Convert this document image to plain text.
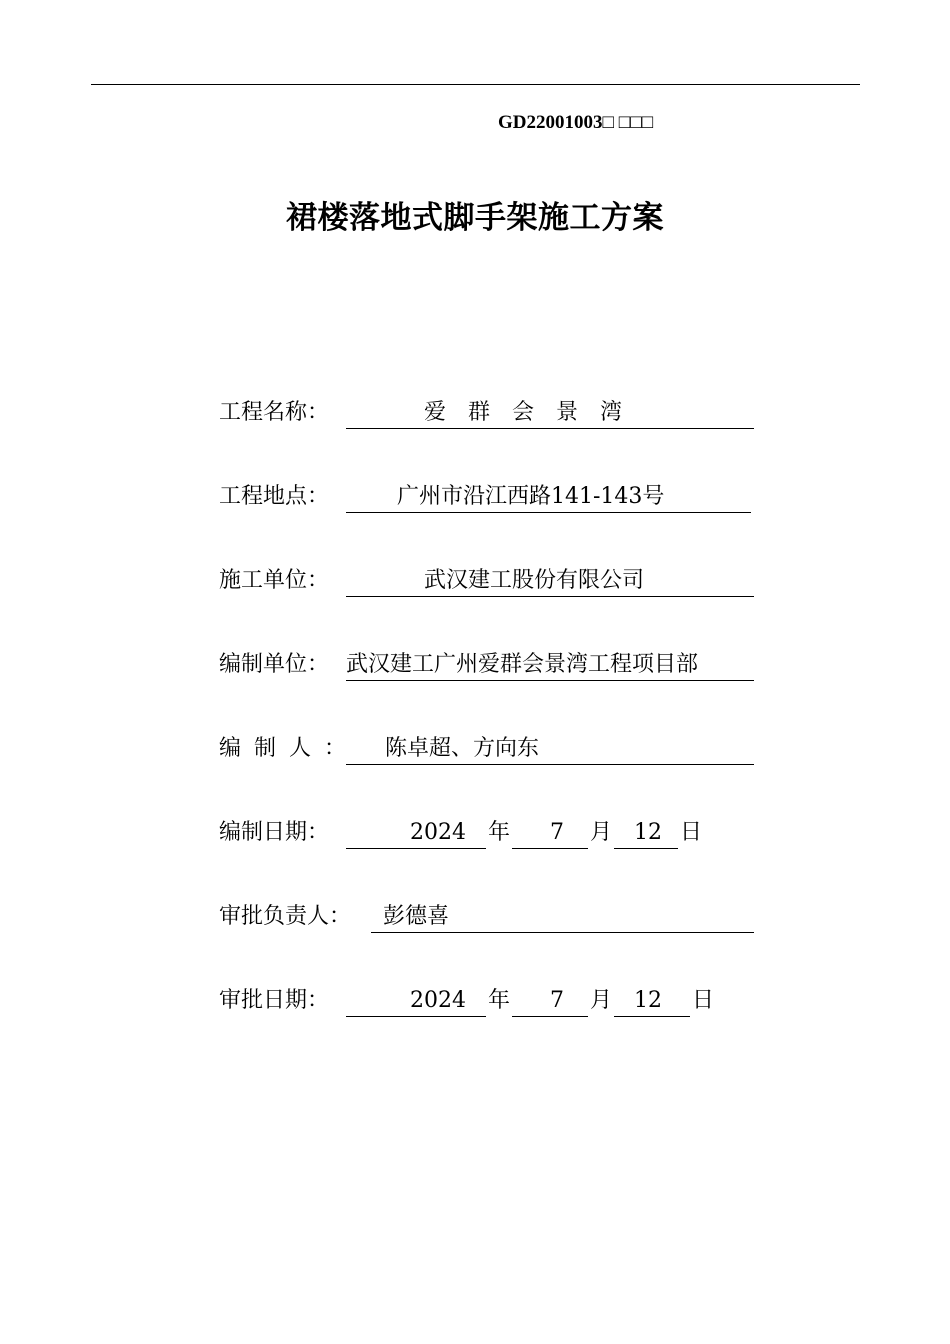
GD22001003□ □□□
裙楼落地式脚手架施工方案
工程名称：	爱群会景湾
工程地点：	广州市沿江西路141-143号
施工单位：	武汉建工股份有限公司
编制单位： 武汉建工广州爱群会景湾工程项目部
编制人： 陈卓超、方向东
编制日期：	2024 年 7 月 12 日
审批负责人：	彭德喜
审批日期：	2024 年 7 月 12 日
